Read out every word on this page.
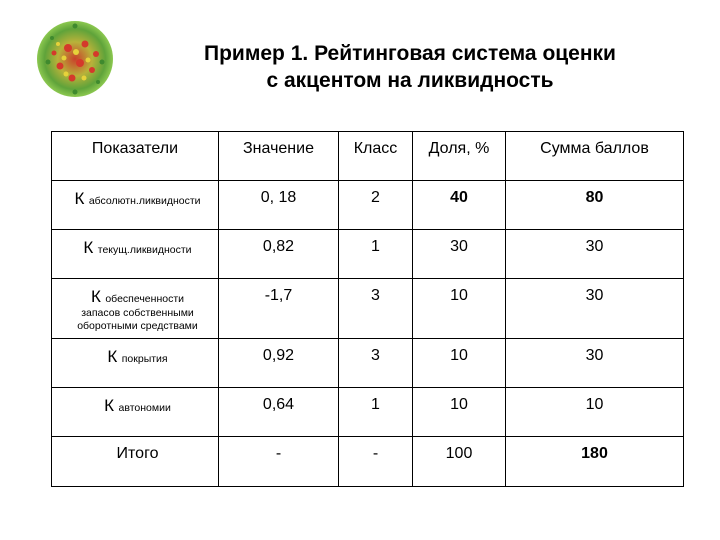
Пример 1. Рейтинговая система оценки
с акцентом на ликвидность
Показатели	Значение	Класс	Доля, %	Сумма баллов

К абсолютн.ликвидности	0, 18	2	40	80

К текущ.ликвидности	0,82	1	30	30

К обеспеченности
запасов собственными
оборотными средствами	-1,7	3	10	30

К покрытия	0,92	3	10	30

К автономии	0,64	1	10	10

Итого	-	-	100	180
